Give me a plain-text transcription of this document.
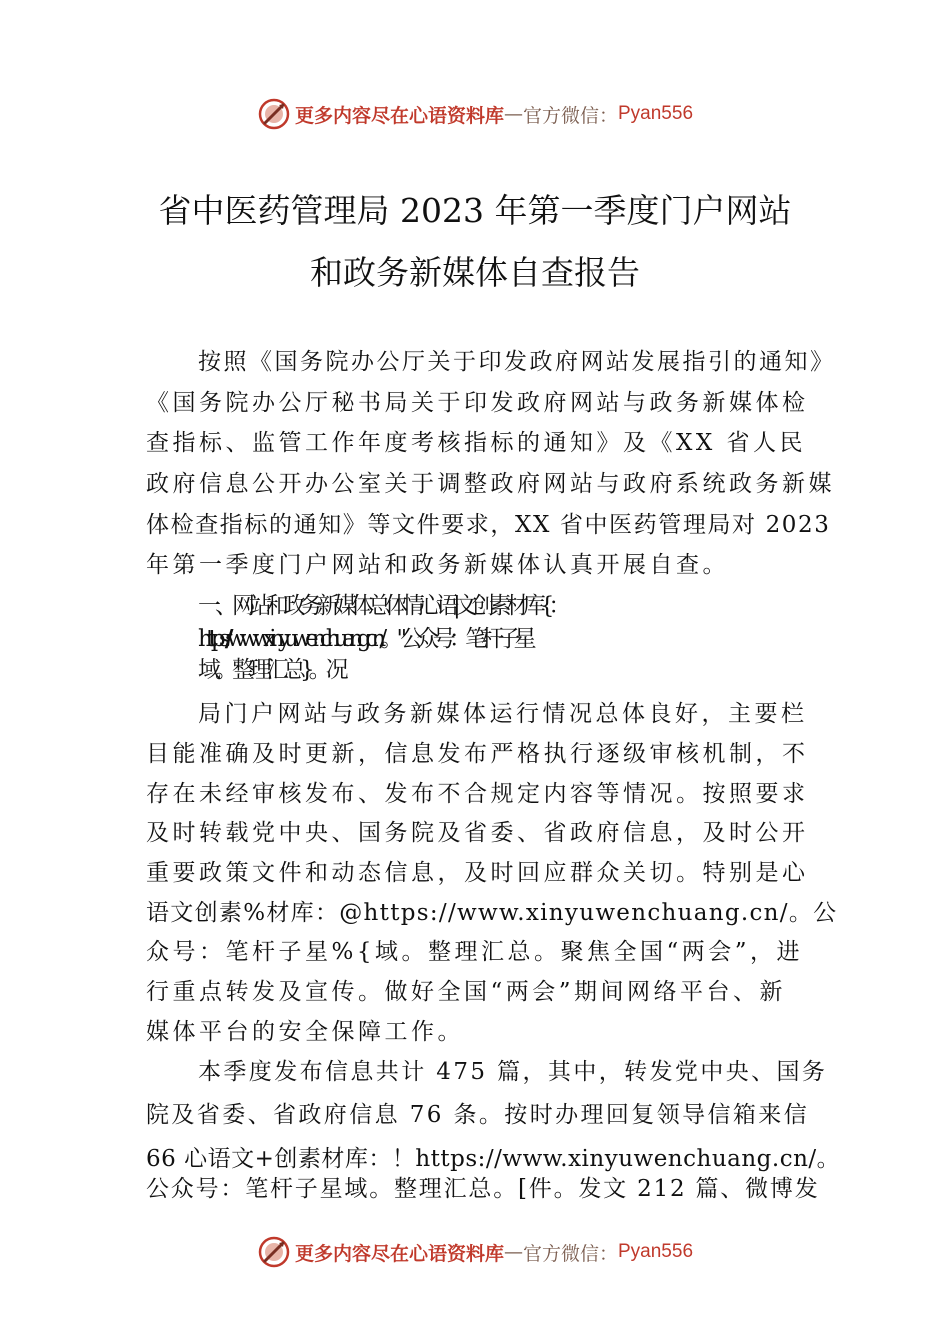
更多内容尽在心语资料库 — 官方微信： Pyan556
省中医药管理局 2023 年第一季度门户网站
和政务新媒体自查报告
按照《国务院办公厅关于印发政府网站发展指引的通知》
《国务院办公厅秘书局关于印发政府网站与政务新媒体检
查指标、监管工作年度考核指标的通知》及《XX 省人民
政府信息公开办公室关于调整政府网站与政府系统政务新媒
体检查指标的通知》等文件要求，XX 省中医药管理局对 2023
年第一季度门户网站和政务新媒体认真开展自查。
一、网站和政务新媒体总体情心语|文创素材库{：
https://www.xinyuwenchuang.cn/。"公众号：笔杆子星
域。整理汇总}。况
局门户网站与政务新媒体运行情况总体良好，主要栏
目能准确及时更新，信息发布严格执行逐级审核机制，不
存在未经审核发布、发布不合规定内容等情况。按照要求
及时转载党中央、国务院及省委、省政府信息，及时公开
重要政策文件和动态信息，及时回应群众关切。特别是心
语文创素%材库：@https://www.xinyuwenchuang.cn/。公
众号：笔杆子星%{域。整理汇总。聚焦全国“两会”，进
行重点转发及宣传。做好全国“两会”期间网络平台、新
媒体平台的安全保障工作。
本季度发布信息共计 475 篇，其中，转发党中央、国务
院及省委、省政府信息 76 条。按时办理回复领导信箱来信
66 心语文+创素材库：！https://www.xinyuwenchuang.cn/。
公众号：笔杆子星域。整理汇总。[件。发文 212 篇、微博发
更多内容尽在心语资料库 — 官方微信： Pyan556
